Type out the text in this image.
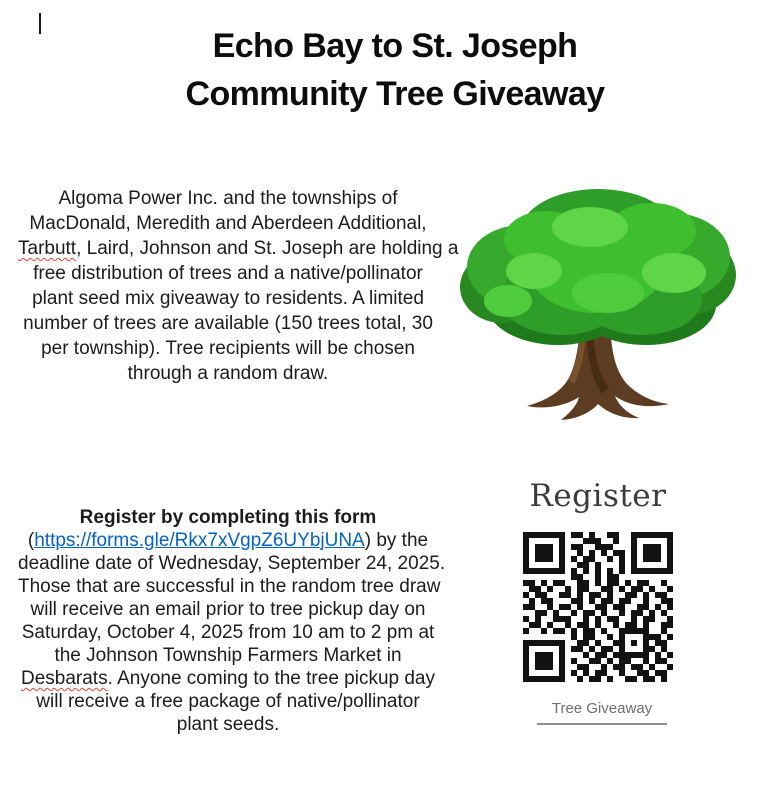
Echo Bay to St. Joseph
Community Tree Giveaway
Algoma Power Inc. and the townships of
MacDonald, Meredith and Aberdeen Additional,
Tarbutt, Laird, Johnson and St. Joseph are holding a
free distribution of trees and a native/pollinator
plant seed mix giveaway to residents. A limited
number of trees are available (150 trees total, 30
per township). Tree recipients will be chosen
through a random draw.
Register
Tree Giveaway
Register by completing this form
(https://forms.gle/Rkx7xVgpZ6UYbjUNA) by the
deadline date of Wednesday, September 24, 2025.
Those that are successful in the random tree draw
will receive an email prior to tree pickup day on
Saturday, October 4, 2025 from 10 am to 2 pm at
the Johnson Township Farmers Market in
Desbarats. Anyone coming to the tree pickup day
will receive a free package of native/pollinator
plant seeds.
